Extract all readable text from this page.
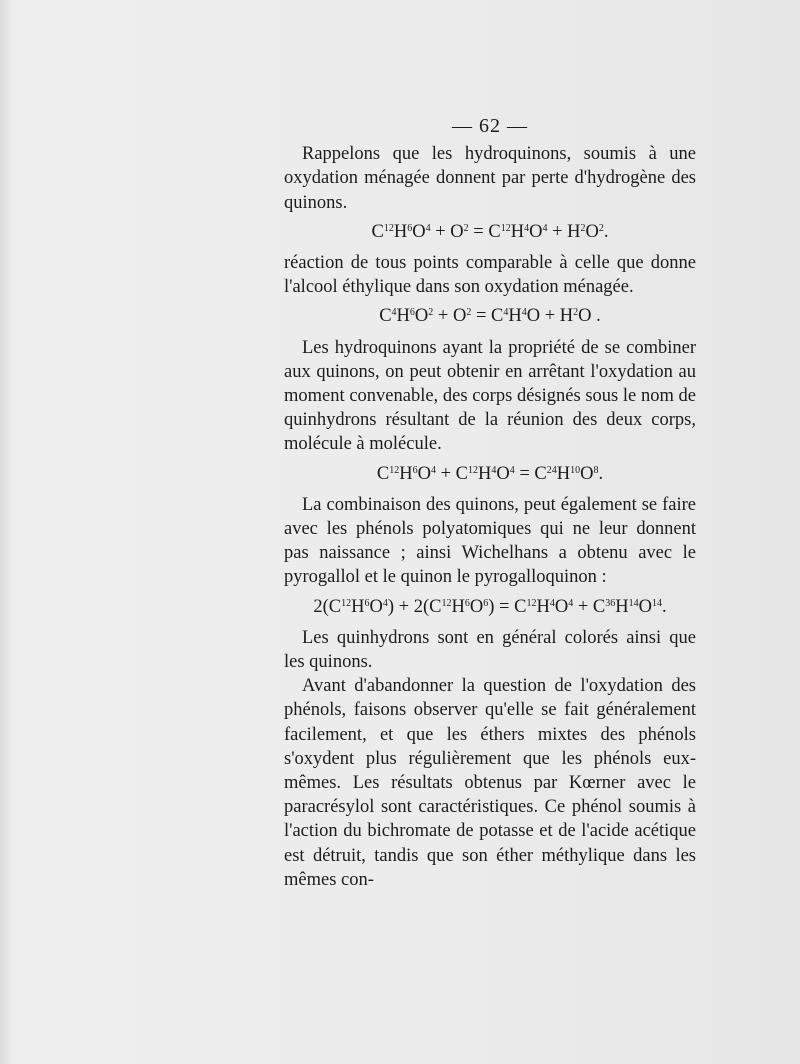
— 62 —

Rappelons que les hydroquinons, soumis à une oxydation ménagée donnent par perte d'hydrogène des quinons.

$C^{12}H^6O^4 + O^2 = C^{12}H^4O^4 + H^2O^2$.

réaction de tous points comparable à celle que donne l'alcool éthylique dans son oxydation ménagée.

$C^4H^6O^2 + O^2 = C^4H^4O + H^2O$ .

Les hydroquinons ayant la propriété de se combiner aux quinons, on peut obtenir en arrêtant l'oxydation au moment convenable, des corps désignés sous le nom de quinhydrons résultant de la réunion des deux corps, molécule à molécule.

$C^{12}H^6O^4 + C^{12}H^4O^4 = C^{24}H^{10}O^8$.

La combinaison des quinons, peut également se faire avec les phénols polyatomiques qui ne leur donnent pas naissance ; ainsi Wichelhans a obtenu avec le pyrogallol et le quinon le pyrogalloquinon :

$2(C^{12}H^6O^4) + 2(C^{12}H^6O^6) = C^{12}H^4O^4 + C^{36}H^{14}O^{14}$.

Les quinhydrons sont en général colorés ainsi que les quinons.

Avant d'abandonner la question de l'oxydation des phénols, faisons observer qu'elle se fait généralement facilement, et que les éthers mixtes des phénols s'oxydent plus régulièrement que les phénols eux-mêmes. Les résultats obtenus par Kœrner avec le paracrésylol sont caractéristiques. Ce phénol soumis à l'action du bichromate de potasse et de l'acide acétique est détruit, tandis que son éther méthylique dans les mêmes con-
